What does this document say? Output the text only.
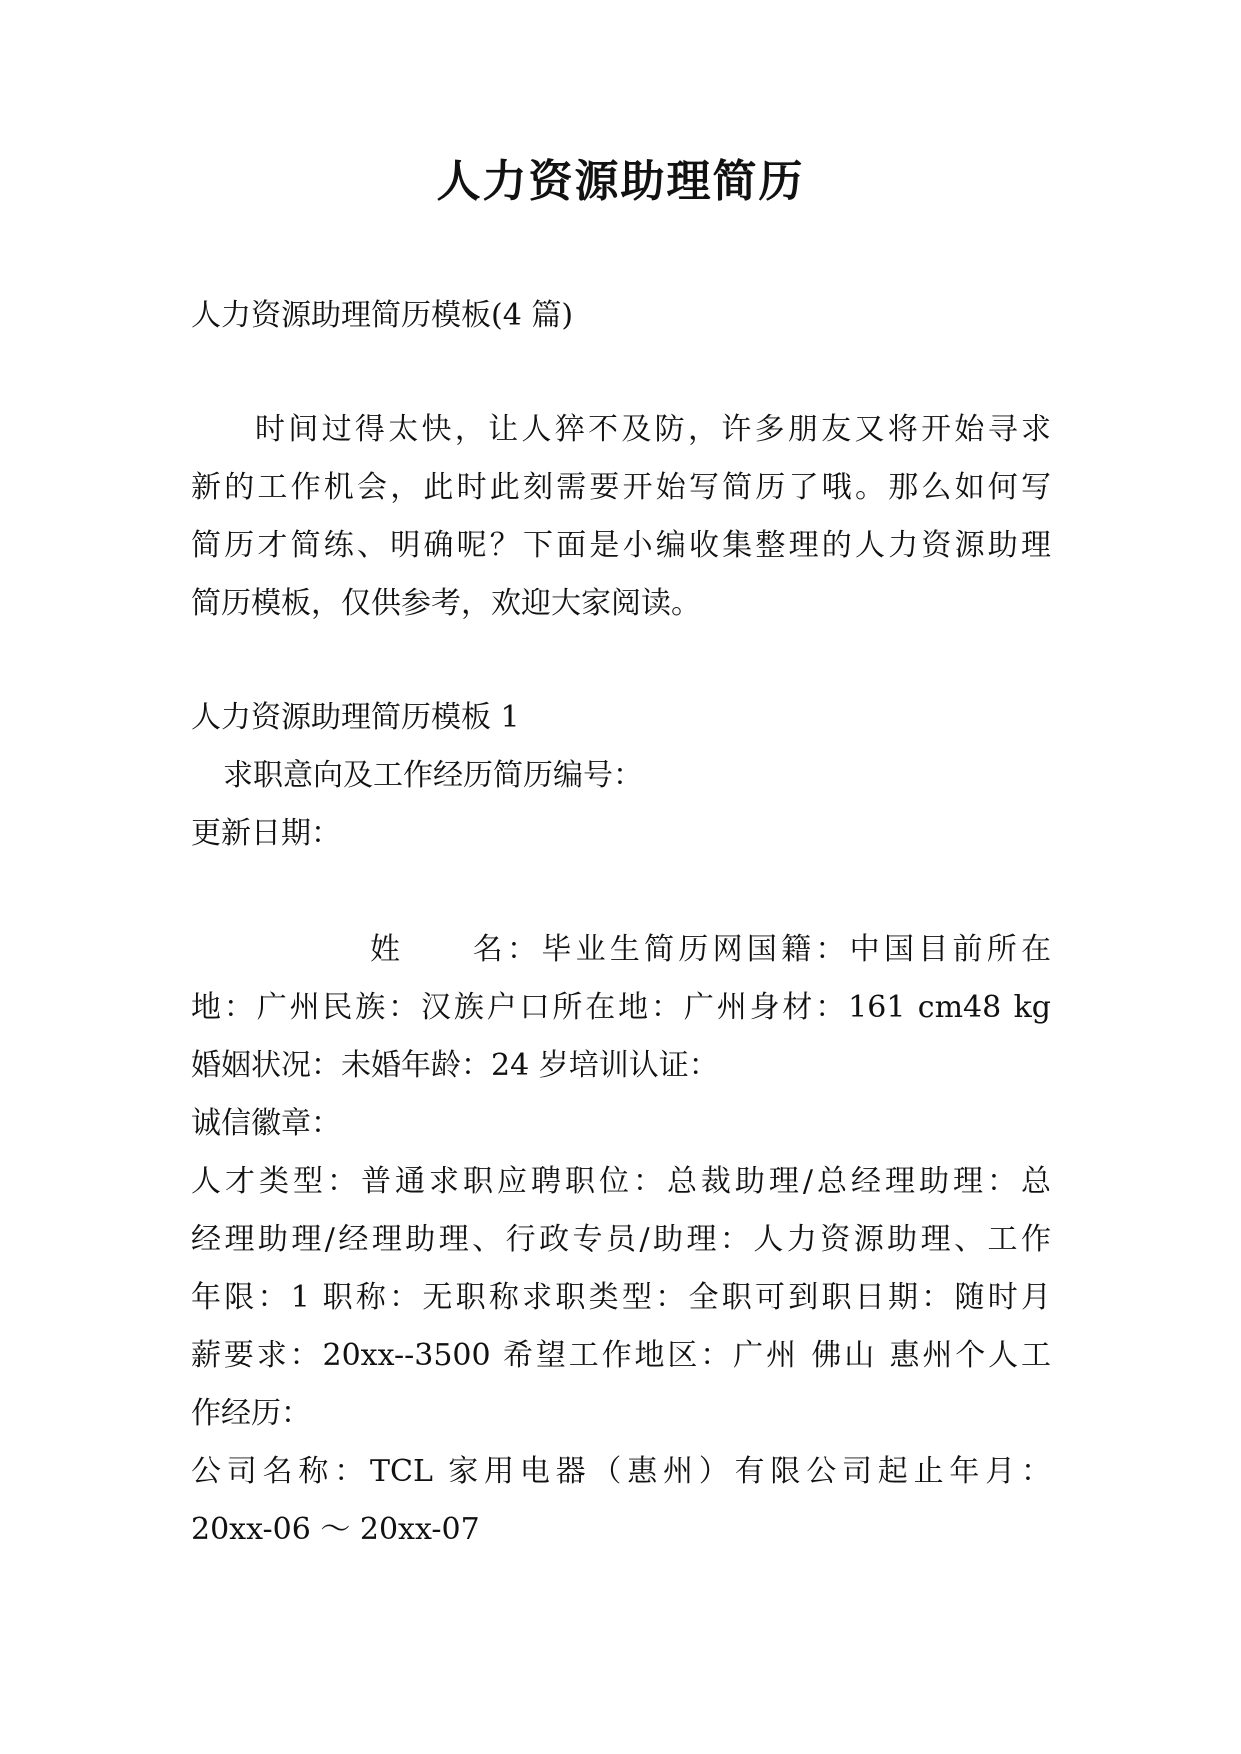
人力资源助理简历
人力资源助理简历模板(4 篇)
时间过得太快，让人猝不及防，许多朋友又将开始寻求
新的工作机会，此时此刻需要开始写简历了哦。那么如何写
简历才简练、明确呢？下面是小编收集整理的人力资源助理
简历模板，仅供参考，欢迎大家阅读。
人力资源助理简历模板 1
求职意向及工作经历简历编号：
更新日期：
姓　　名：毕业生简历网国籍：中国目前所在
地：广州民族：汉族户口所在地：广州身材：161 cm48 kg
婚姻状况：未婚年龄：24 岁培训认证：
诚信徽章：
人才类型：普通求职应聘职位：总裁助理/总经理助理：总
经理助理/经理助理、行政专员/助理：人力资源助理、工作
年限：1 职称：无职称求职类型：全职可到职日期：随时月
薪要求：20xx--3500 希望工作地区：广州 佛山 惠州个人工
作经历：
公司名称：TCL 家用电器（惠州）有限公司起止年月：
20xx-06 ～ 20xx-07
